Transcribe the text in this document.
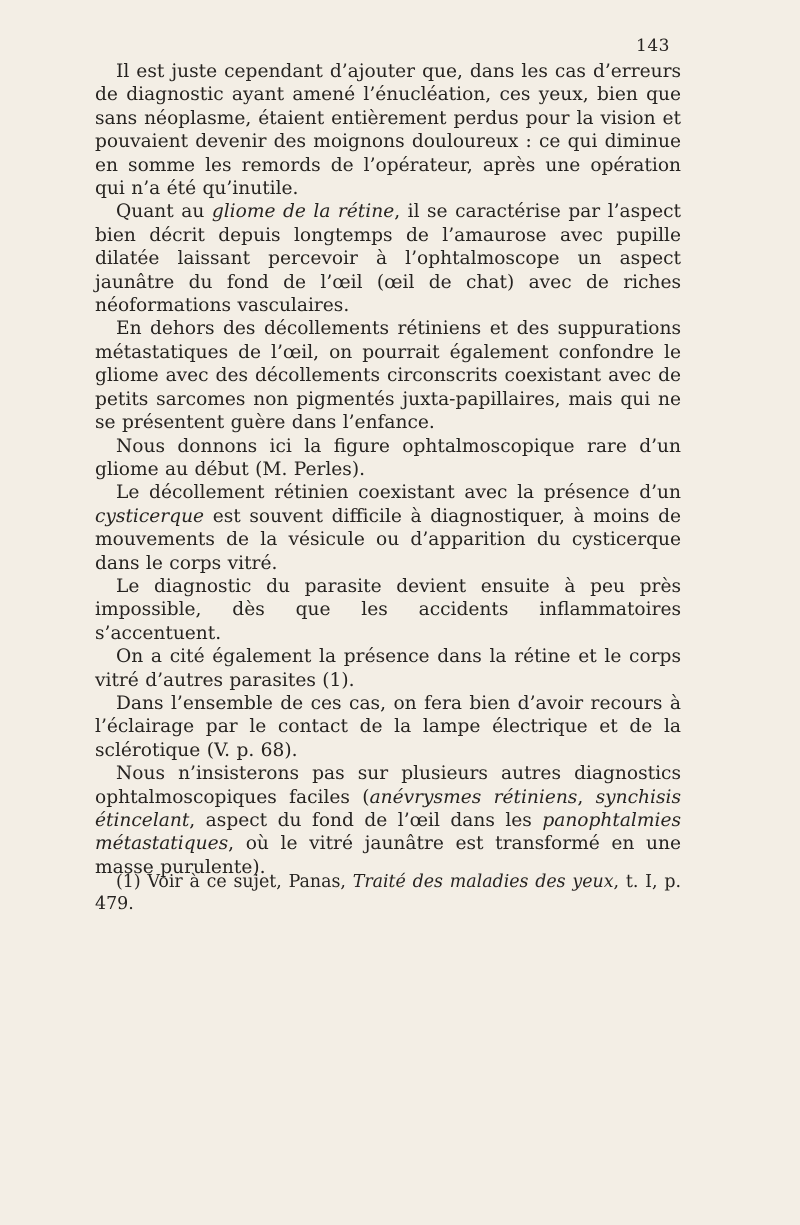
143

Il est juste cependant d’ajouter que, dans les cas d’erreurs de diagnostic ayant amené l’énucléation, ces yeux, bien que sans néoplasme, étaient entièrement perdus pour la vision et pouvaient devenir des moignons douloureux : ce qui diminue en somme les remords de l’opérateur, après une opération qui n’a été qu’inutile.

Quant au gliome de la rétine, il se caractérise par l’aspect bien décrit depuis longtemps de l’amaurose avec pupille dilatée laissant percevoir à l’ophtalmoscope un aspect jaunâtre du fond de l’œil (œil de chat) avec de riches néoformations vasculaires.

En dehors des décollements rétiniens et des suppurations métastatiques de l’œil, on pourrait également confondre le gliome avec des décollements circonscrits coexistant avec de petits sarcomes non pigmentés juxta-papillaires, mais qui ne se présentent guère dans l’enfance.

Nous donnons ici la figure ophtalmoscopique rare d’un gliome au début (M. Perles).

Le décollement rétinien coexistant avec la présence d’un cysticerque est souvent difficile à diagnostiquer, à moins de mouvements de la vésicule ou d’apparition du cysticerque dans le corps vitré.

Le diagnostic du parasite devient ensuite à peu près impossible, dès que les accidents inflammatoires s’accentuent.

On a cité également la présence dans la rétine et le corps vitré d’autres parasites (1).

Dans l’ensemble de ces cas, on fera bien d’avoir recours à l’éclairage par le contact de la lampe électrique et de la sclérotique (V. p. 68).

Nous n’insisterons pas sur plusieurs autres diagnostics ophtalmoscopiques faciles (anévrysmes rétiniens, synchisis étincelant, aspect du fond de l’œil dans les panophtalmies métastatiques, où le vitré jaunâtre est transformé en une masse purulente).

(1) Voir à ce sujet, Panas, Traité des maladies des yeux, t. I, p. 479.
